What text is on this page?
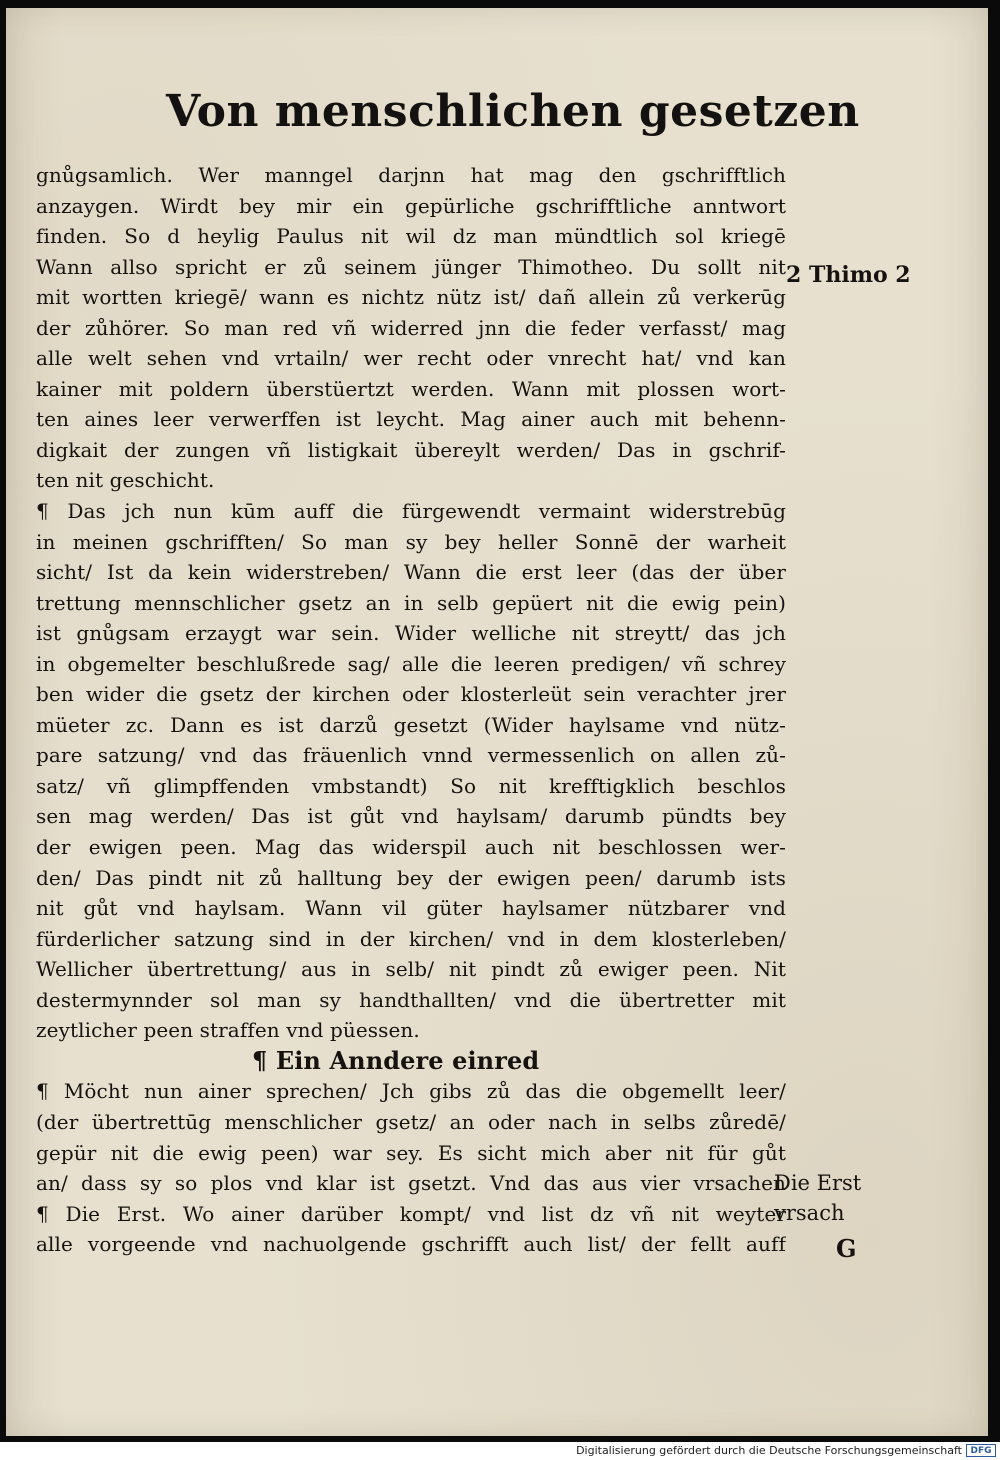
Von menschlichen gesetzen
2 Thimo 2
Die Erst
vrsach
G
gnůgsamlich. Wer manngel darjnn hat mag den gschrifftlich
anzaygen. Wirdt bey mir ein gepürliche gschrifftliche anntwort
finden. So d heylig Paulus nit wil dz man mündtlich sol kriegē
Wann allso spricht er zů seinem jünger Thimotheo. Du sollt nit
mit wortten kriegē/ wann es nichtz nütz ist/ dañ allein zů verkerūg
der zůhörer. So man red vñ widerred jnn die feder verfasst/ mag
alle welt sehen vnd vrtailn/ wer recht oder vnrecht hat/ vnd kan
kainer mit poldern überstüertzt werden. Wann mit plossen wort-
ten aines leer verwerffen ist leycht. Mag ainer auch mit behenn-
digkait der zungen vñ listigkait übereylt werden/ Das in gschrif-
ten nit geschicht.
¶ Das jch nun kūm auff die fürgewendt vermaint widerstrebūg
in meinen gschrifften/ So man sy bey heller Sonnē der warheit
sicht/ Ist da kein widerstreben/ Wann die erst leer (das der über
trettung mennschlicher gsetz an in selb gepüert nit die ewig pein)
ist gnůgsam erzaygt war sein. Wider welliche nit streytt/ das jch
in obgemelter beschlußrede sag/ alle die leeren predigen/ vñ schrey
ben wider die gsetz der kirchen oder klosterleüt sein verachter jrer
müeter zc. Dann es ist darzů gesetzt (Wider haylsame vnd nütz-
pare satzung/ vnd das fräuenlich vnnd vermessenlich on allen zů-
satz/ vñ glimpffenden vmbstandt) So nit krefftigklich beschlos
sen mag werden/ Das ist gůt vnd haylsam/ darumb pündts bey
der ewigen peen. Mag das widerspil auch nit beschlossen wer-
den/ Das pindt nit zů halltung bey der ewigen peen/ darumb ists
nit gůt vnd haylsam. Wann vil güter haylsamer nützbarer vnd
fürderlicher satzung sind in der kirchen/ vnd in dem klosterleben/
Wellicher übertrettung/ aus in selb/ nit pindt zů ewiger peen. Nit
destermynnder sol man sy handthallten/ vnd die übertretter mit
zeytlicher peen straffen vnd püessen.
¶ Ein Anndere einred
¶ Möcht nun ainer sprechen/ Jch gibs zů das die obgemellt leer/
(der übertrettūg menschlicher gsetz/ an oder nach in selbs zůredē/
gepür nit die ewig peen) war sey. Es sicht mich aber nit für gůt
an/ dass sy so plos vnd klar ist gsetzt. Vnd das aus vier vrsachen
¶ Die Erst. Wo ainer darüber kompt/ vnd list dz vñ nit weyter
alle vorgeende vnd nachuolgende gschrifft auch list/ der fellt auff
Digitalisierung gefördert durch die Deutsche Forschungsgemeinschaft DFG
